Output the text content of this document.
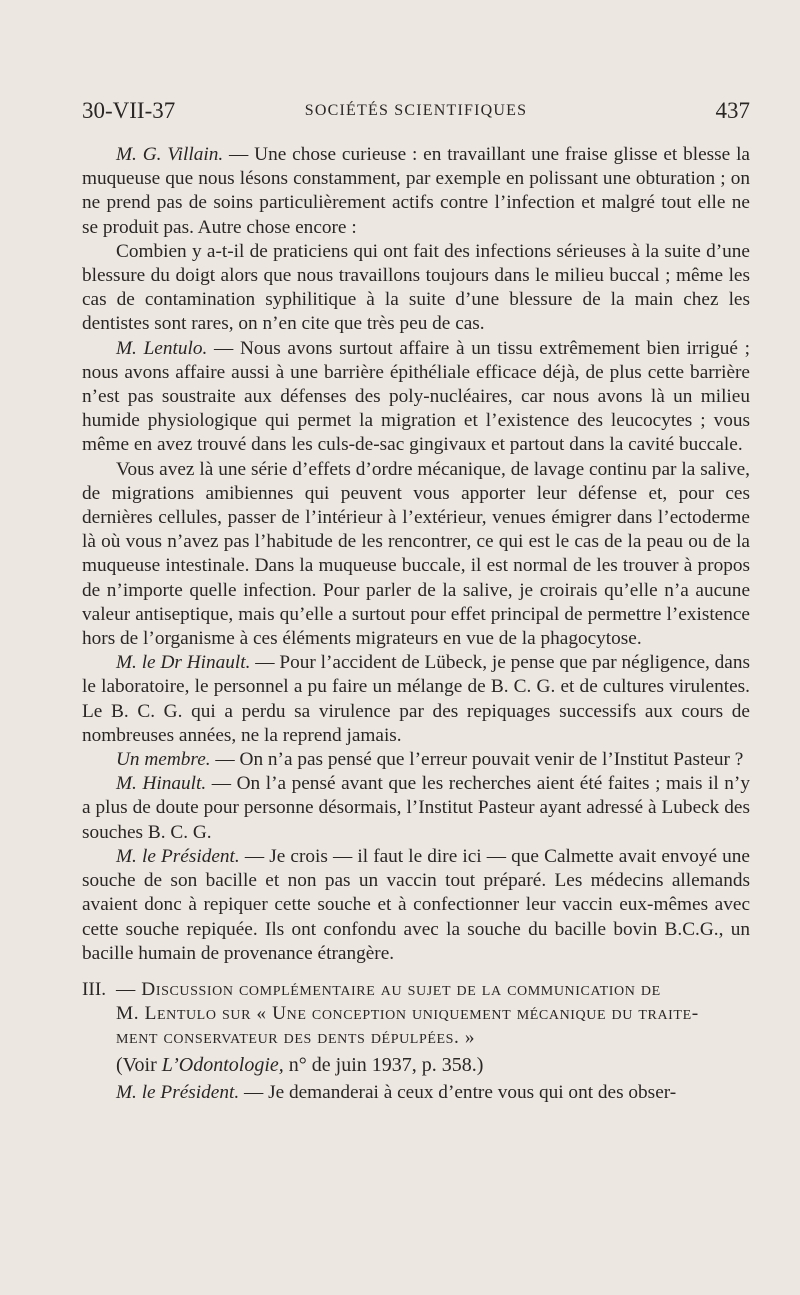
30-VII-37	SOCIÉTÉS SCIENTIFIQUES	437

M. G. Villain. — Une chose curieuse : en travaillant une fraise glisse et blesse la muqueuse que nous lésons constamment, par exemple en polissant une obturation ; on ne prend pas de soins particulièrement actifs contre l’infection et malgré tout elle ne se produit pas. Autre chose encore :

Combien y a-t-il de praticiens qui ont fait des infections sérieuses à la suite d’une blessure du doigt alors que nous travaillons toujours dans le milieu buccal ; même les cas de contamination syphilitique à la suite d’une blessure de la main chez les dentistes sont rares, on n’en cite que très peu de cas.

M. Lentulo. — Nous avons surtout affaire à un tissu extrêmement bien irrigué ; nous avons affaire aussi à une barrière épithéliale efficace déjà, de plus cette barrière n’est pas soustraite aux défenses des poly-nucléaires, car nous avons là un milieu humide physiologique qui permet la migration et l’existence des leucocytes ; vous même en avez trouvé dans les culs-de-sac gingivaux et partout dans la cavité buccale.

Vous avez là une série d’effets d’ordre mécanique, de lavage continu par la salive, de migrations amibiennes qui peuvent vous apporter leur défense et, pour ces dernières cellules, passer de l’intérieur à l’extérieur, venues émigrer dans l’ectoderme là où vous n’avez pas l’habitude de les rencontrer, ce qui est le cas de la peau ou de la muqueuse intestinale. Dans la muqueuse buccale, il est normal de les trouver à propos de n’importe quelle infection. Pour parler de la salive, je croirais qu’elle n’a aucune valeur antiseptique, mais qu’elle a surtout pour effet principal de permettre l’existence hors de l’organisme à ces éléments migrateurs en vue de la phagocytose.

M. le Dr Hinault. — Pour l’accident de Lübeck, je pense que par négligence, dans le laboratoire, le personnel a pu faire un mélange de B. C. G. et de cultures virulentes. Le B. C. G. qui a perdu sa virulence par des repiquages successifs aux cours de nombreuses années, ne la reprend jamais.

Un membre. — On n’a pas pensé que l’erreur pouvait venir de l’Institut Pasteur ?

M. Hinault. — On l’a pensé avant que les recherches aient été faites ; mais il n’y a plus de doute pour personne désormais, l’Institut Pasteur ayant adressé à Lubeck des souches B. C. G.

M. le Président. — Je crois — il faut le dire ici — que Calmette avait envoyé une souche de son bacille et non pas un vaccin tout préparé. Les médecins allemands avaient donc à repiquer cette souche et à confectionner leur vaccin eux-mêmes avec cette souche repiquée. Ils ont confondu avec la souche du bacille bovin B.C.G., un bacille humain de provenance étrangère.

III. — Discussion complémentaire au sujet de la communication de
M. Lentulo sur « Une conception uniquement mécanique du traite-
ment conservateur des dents dépulpées. »
(Voir L’Odontologie, n° de juin 1937, p. 358.)

M. le Président. — Je demanderai à ceux d’entre vous qui ont des obser-
